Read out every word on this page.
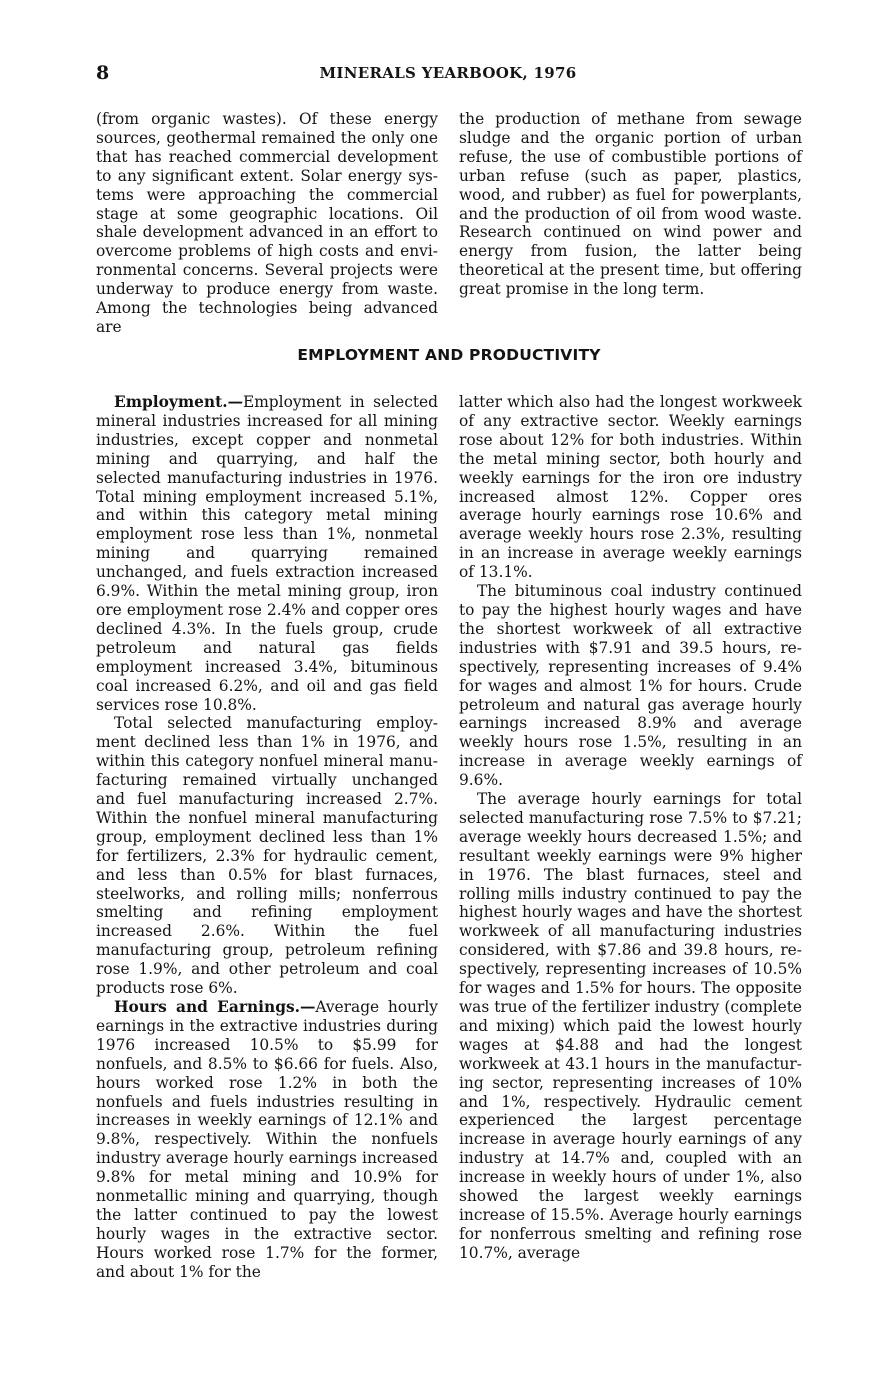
8	MINERALS YEARBOOK, 1976

(from organic wastes). Of these energy sources, geothermal remained the only one that has reached commercial development to any significant extent. Solar energy systems were approaching the commercial stage at some geographic locations. Oil shale development advanced in an effort to overcome problems of high costs and environmental concerns. Several projects were underway to produce energy from waste. Among the technologies being advanced are

the production of methane from sewage sludge and the organic portion of urban refuse, the use of combustible portions of urban refuse (such as paper, plastics, wood, and rubber) as fuel for powerplants, and the production of oil from wood waste. Research continued on wind power and energy from fusion, the latter being theoretical at the present time, but offering great promise in the long term.

EMPLOYMENT AND PRODUCTIVITY

Employment.—Employment in selected mineral industries increased for all mining industries, except copper and nonmetal mining and quarrying, and half the selected manufacturing industries in 1976. Total mining employment increased 5.1%, and within this category metal mining employment rose less than 1%, nonmetal mining and quarrying remained unchanged, and fuels extraction increased 6.9%. Within the metal mining group, iron ore employment rose 2.4% and copper ores declined 4.3%. In the fuels group, crude petroleum and natural gas fields employment increased 3.4%, bituminous coal increased 6.2%, and oil and gas field services rose 10.8%.

Total selected manufacturing employment declined less than 1% in 1976, and within this category nonfuel mineral manufacturing remained virtually unchanged and fuel manufacturing increased 2.7%. Within the nonfuel mineral manufacturing group, employment declined less than 1% for fertilizers, 2.3% for hydraulic cement, and less than 0.5% for blast furnaces, steelworks, and rolling mills; nonferrous smelting and refining employment increased 2.6%. Within the fuel manufacturing group, petroleum refining rose 1.9%, and other petroleum and coal products rose 6%.

Hours and Earnings.—Average hourly earnings in the extractive industries during 1976 increased 10.5% to $5.99 for nonfuels, and 8.5% to $6.66 for fuels. Also, hours worked rose 1.2% in both the nonfuels and fuels industries resulting in increases in weekly earnings of 12.1% and 9.8%, respectively. Within the nonfuels industry average hourly earnings increased 9.8% for metal mining and 10.9% for nonmetallic mining and quarrying, though the latter continued to pay the lowest hourly wages in the extractive sector. Hours worked rose 1.7% for the former, and about 1% for the

latter which also had the longest workweek of any extractive sector. Weekly earnings rose about 12% for both industries. Within the metal mining sector, both hourly and weekly earnings for the iron ore industry increased almost 12%. Copper ores average hourly earnings rose 10.6% and average weekly hours rose 2.3%, resulting in an increase in average weekly earnings of 13.1%.

The bituminous coal industry continued to pay the highest hourly wages and have the shortest workweek of all extractive industries with $7.91 and 39.5 hours, respectively, representing increases of 9.4% for wages and almost 1% for hours. Crude petroleum and natural gas average hourly earnings increased 8.9% and average weekly hours rose 1.5%, resulting in an increase in average weekly earnings of 9.6%.

The average hourly earnings for total selected manufacturing rose 7.5% to $7.21; average weekly hours decreased 1.5%; and resultant weekly earnings were 9% higher in 1976. The blast furnaces, steel and rolling mills industry continued to pay the highest hourly wages and have the shortest workweek of all manufacturing industries considered, with $7.86 and 39.8 hours, respectively, representing increases of 10.5% for wages and 1.5% for hours. The opposite was true of the fertilizer industry (complete and mixing) which paid the lowest hourly wages at $4.88 and had the longest workweek at 43.1 hours in the manufacturing sector, representing increases of 10% and 1%, respectively. Hydraulic cement experienced the largest percentage increase in average hourly earnings of any industry at 14.7% and, coupled with an increase in weekly hours of under 1%, also showed the largest weekly earnings increase of 15.5%. Average hourly earnings for nonferrous smelting and refining rose 10.7%, average
